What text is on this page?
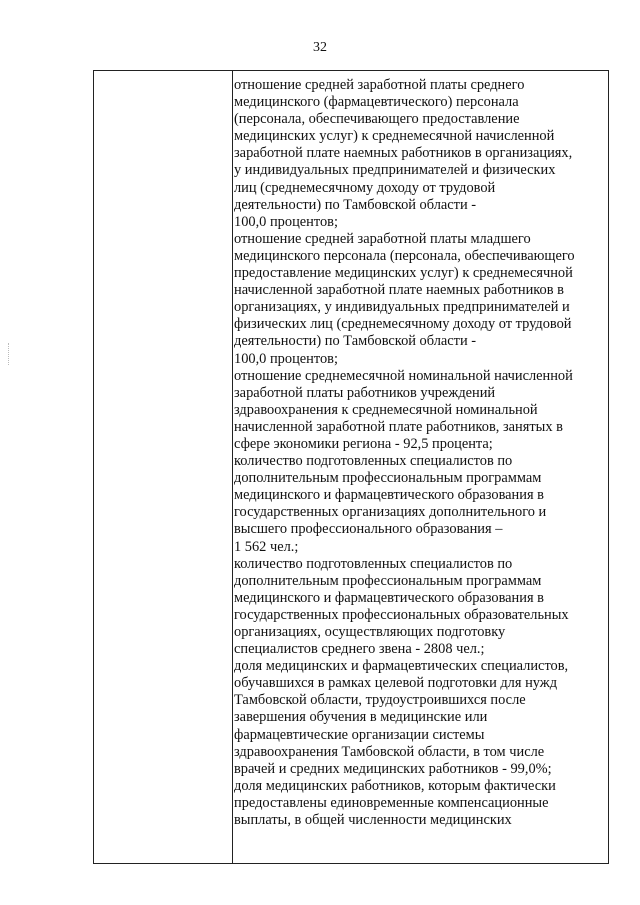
32
отношение средней заработной платы среднего
медицинского (фармацевтического) персонала
(персонала, обеспечивающего предоставление
медицинских услуг) к среднемесячной начисленной
заработной плате наемных работников в организациях,
у индивидуальных предпринимателей и физических
лиц (среднемесячному доходу от трудовой
деятельности) по Тамбовской области -
100,0 процентов;
отношение средней заработной платы младшего
медицинского персонала (персонала, обеспечивающего
предоставление медицинских услуг) к среднемесячной
начисленной заработной плате наемных работников в
организациях, у индивидуальных предпринимателей и
физических лиц (среднемесячному доходу от трудовой
деятельности) по Тамбовской области -
100,0 процентов;
отношение среднемесячной номинальной начисленной
заработной платы работников учреждений
здравоохранения к среднемесячной номинальной
начисленной заработной плате работников, занятых в
сфере экономики региона - 92,5 процента;
количество подготовленных специалистов по
дополнительным профессиональным программам
медицинского и фармацевтического образования в
государственных организациях дополнительного и
высшего профессионального образования –
1 562 чел.;
количество подготовленных специалистов по
дополнительным профессиональным программам
медицинского и фармацевтического образования в
государственных профессиональных образовательных
организациях, осуществляющих подготовку
специалистов среднего звена - 2808 чел.;
доля медицинских и фармацевтических специалистов,
обучавшихся в рамках целевой подготовки для нужд
Тамбовской области, трудоустроившихся после
завершения обучения в медицинские или
фармацевтические организации системы
здравоохранения Тамбовской области, в том числе
врачей и средних медицинских работников - 99,0%;
доля медицинских работников, которым фактически
предоставлены единовременные компенсационные
выплаты, в общей численности медицинских
